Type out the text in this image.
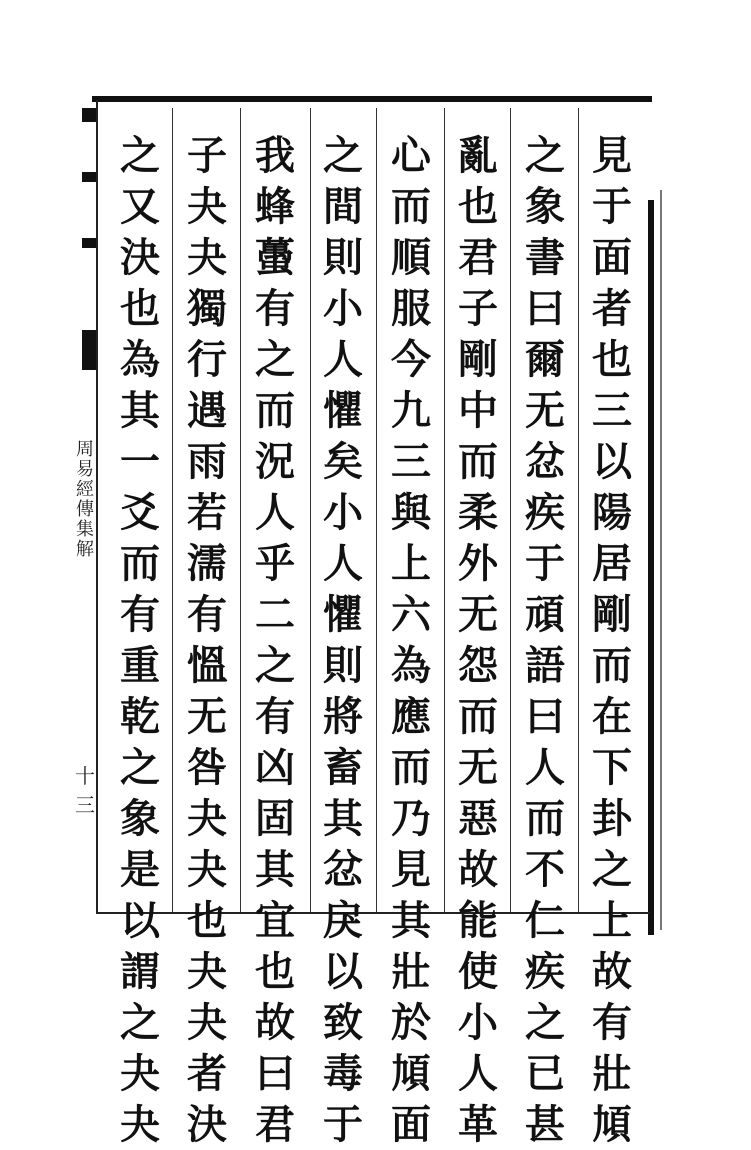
見
于
面
者
也
三
以
陽
居
剛
而
在
下
卦
之
上
故
有
壯
頄
之
象
書
曰
爾
无
忿
疾
于
頑
語
曰
人
而
不
仁
疾
之
已
甚
亂
也
君
子
剛
中
而
柔
外
无
怨
而
无
惡
故
能
使
小
人
革
心
而
順
服
今
九
三
與
上
六
為
應
而
乃
見
其
壯
於
頄
面
之
間
則
小
人
懼
矣
小
人
懼
則
將
畜
其
忿
戾
以
致
毒
于
我
蜂
蠆
有
之
而
況
人
乎
二
之
有
凶
固
其
宜
也
故
曰
君
子
夬
夬
獨
行
遇
雨
若
濡
有
慍
无
咎
夬
夬
也
夬
夬
者
決
之
又
決
也
為
其
一
爻
而
有
重
乾
之
象
是
以
謂
之
夬
夬
周
易
經
傳
集
解
十三
